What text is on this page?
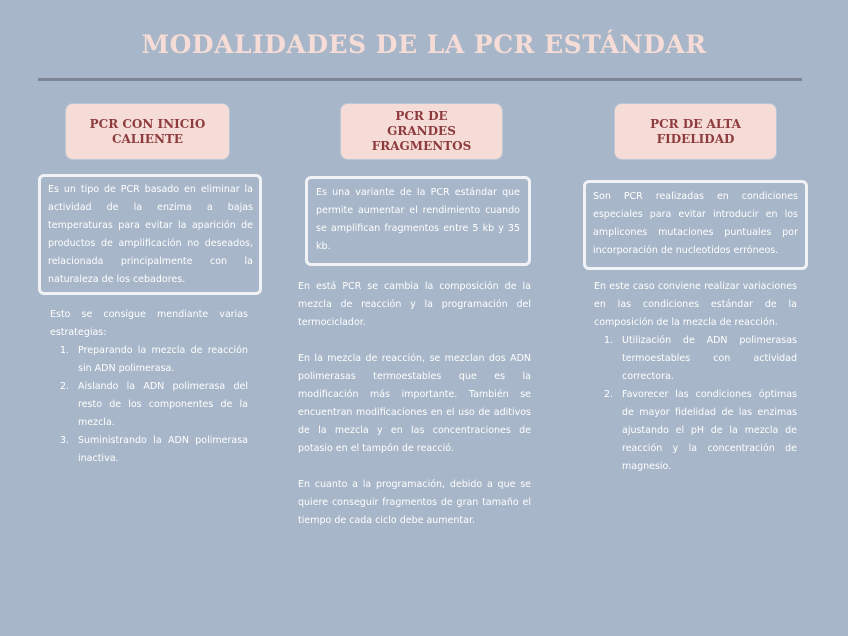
MODALIDADES DE LA PCR ESTÁNDAR
PCR CON INICIO CALIENTE
Es un tipo de PCR basado en eliminar la actividad de la enzima a bajas temperaturas para evitar la aparición de productos de amplificación no deseados, relacionada principalmente con la naturaleza de los cebadores.
Esto se consigue mendiante varias estrategias:
1. Preparando la mezcla de reacción sin ADN polimerasa.
2. Aislando la ADN polimerasa del resto de los componentes de la mezcla.
3. Suministrando la ADN polimerasa inactiva.
PCR DE GRANDES FRAGMENTOS
Es una variante de la PCR estándar que permite aumentar el rendimiento cuando se amplifican fragmentos entre 5 kb y 35 kb.

En está PCR se cambia la composición de la mezcla de reacción y la programación del termociclador.

En la mezcla de reacción, se mezclan dos ADN polimerasas termoestables que es la modificación más importante. También se encuentran modificaciones en el uso de aditivos de la mezcla y en las concentraciones de potasio en el tampón de reacció.

En cuanto a la programación, debido a que se quiere conseguir fragmentos de gran tamaño el tiempo de cada ciclo debe aumentar.

PCR DE ALTA FIDELIDAD
Son PCR realizadas en condiciones especiales para evitar introducir en los amplicones mutaciones puntuales por incorporación de nucleotidos erróneos.
En este caso conviene realizar variaciones en las condiciones estándar de la composición de la mezcla de reacción.
1. Utilización de ADN polimerasas termoestables con actividad correctora.
2. Favorecer las condiciones óptimas de mayor fidelidad de las enzimas ajustando el pH de la mezcla de reacción y la concentración de magnesio.
